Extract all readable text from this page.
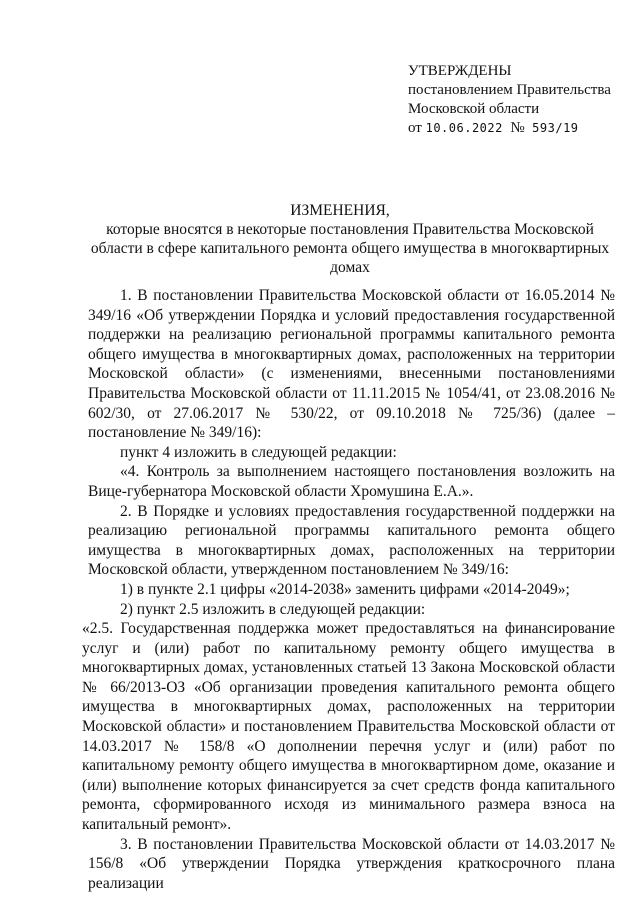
УТВЕРЖДЕНЫ
постановлением Правительства
Московской области
от 10.06.2022 № 593/19
ИЗМЕНЕНИЯ,
которые вносятся в некоторые постановления Правительства Московской области в сфере капитального ремонта общего имущества в многоквартирных домах

1. В постановлении Правительства Московской области от 16.05.2014 № 349/16 «Об утверждении Порядка и условий предоставления государственной поддержки на реализацию региональной программы капитального ремонта общего имущества в многоквартирных домах, расположенных на территории Московской области» (с изменениями, внесенными постановлениями Правительства Московской области от 11.11.2015 № 1054/41, от 23.08.2016 № 602/30, от 27.06.2017 № 530/22, от 09.10.2018 № 725/36) (далее – постановление № 349/16):

пункт 4 изложить в следующей редакции:

«4. Контроль за выполнением настоящего постановления возложить на Вице-губернатора Московской области Хромушина Е.А.».

2. В Порядке и условиях предоставления государственной поддержки на реализацию региональной программы капитального ремонта общего имущества в многоквартирных домах, расположенных на территории Московской области, утвержденном постановлением № 349/16:

1) в пункте 2.1 цифры «2014-2038» заменить цифрами «2014-2049»;

2) пункт 2.5 изложить в следующей редакции:

«2.5. Государственная поддержка может предоставляться на финансирование услуг и (или) работ по капитальному ремонту общего имущества в многоквартирных домах, установленных статьей 13 Закона Московской области № 66/2013-ОЗ «Об организации проведения капитального ремонта общего имущества в многоквартирных домах, расположенных на территории Московской области» и постановлением Правительства Московской области от 14.03.2017 № 158/8 «О дополнении перечня услуг и (или) работ по капитальному ремонту общего имущества в многоквартирном доме, оказание и (или) выполнение которых финансируется за счет средств фонда капитального ремонта, сформированного исходя из минимального размера взноса на капитальный ремонт».

3. В постановлении Правительства Московской области от 14.03.2017 № 156/8 «Об утверждении Порядка утверждения краткосрочного плана реализации
